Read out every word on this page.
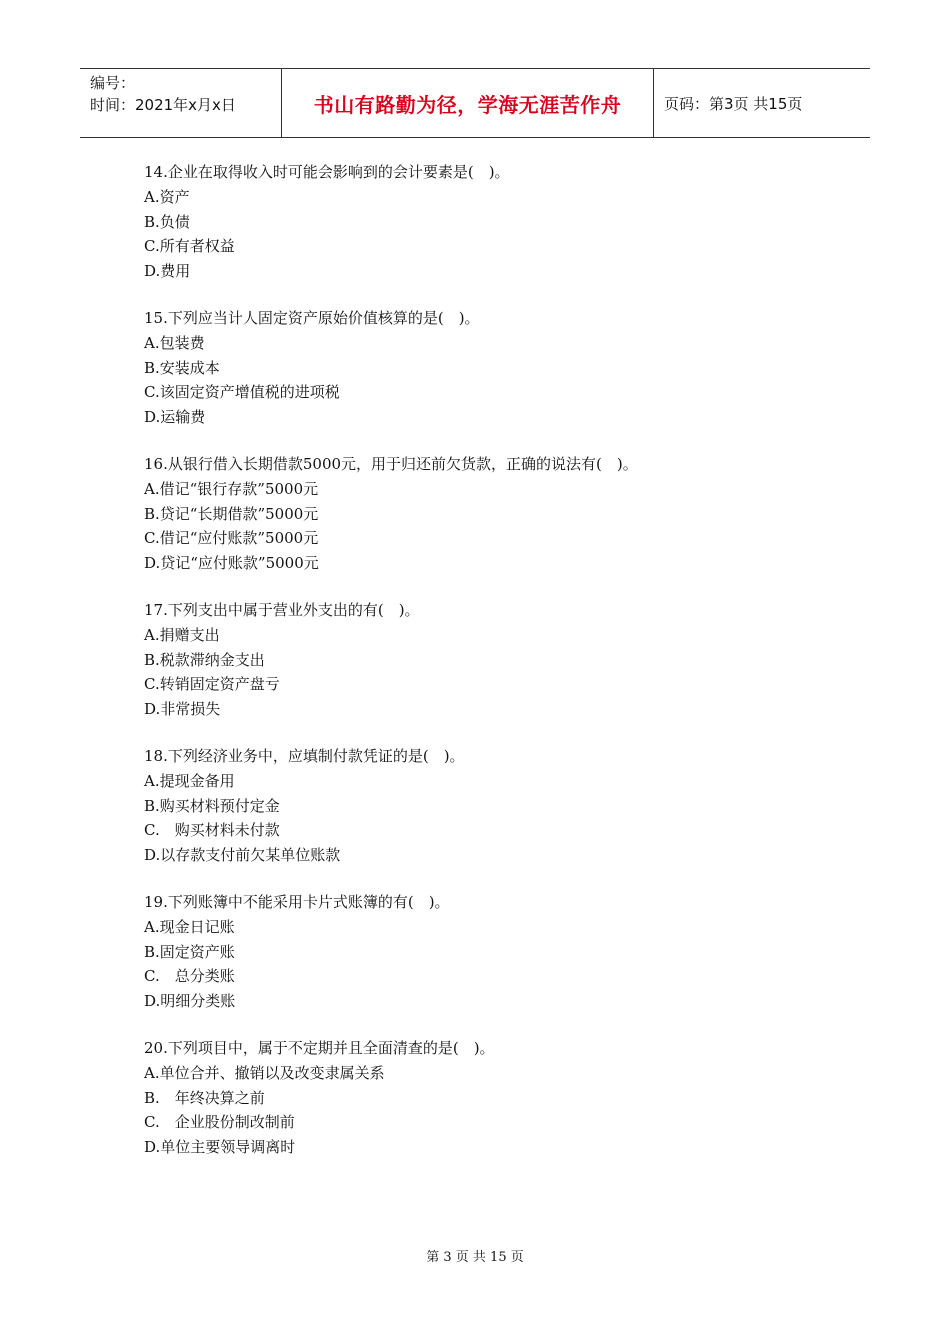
编号：
时间：2021年x月x日	书山有路勤为径，学海无涯苦作舟	页码：第3页 共15页
14.企业在取得收入时可能会影响到的会计要素是(　)。
A.资产
B.负债
C.所有者权益
D.费用
15.下列应当计人固定资产原始价值核算的是(　)。
A.包装费
B.安装成本
C.该固定资产增值税的进项税
D.运输费
16.从银行借入长期借款5000元，用于归还前欠货款，正确的说法有(　)。
A.借记“银行存款”5000元
B.贷记“长期借款”5000元
C.借记“应付账款”5000元
D.贷记“应付账款”5000元
17.下列支出中属于营业外支出的有(　)。
A.捐赠支出
B.税款滞纳金支出
C.转销固定资产盘亏
D.非常损失
18.下列经济业务中，应填制付款凭证的是(　)。
A.提现金备用
B.购买材料预付定金
C.　购买材料未付款
D.以存款支付前欠某单位账款
19.下列账簿中不能采用卡片式账簿的有(　)。
A.现金日记账
B.固定资产账
C.　总分类账
D.明细分类账
20.下列项目中，属于不定期并且全面清查的是(　)。
A.单位合并、撤销以及改变隶属关系
B.　年终决算之前
C.　企业股份制改制前
D.单位主要领导调离时
第 3 页 共 15 页
